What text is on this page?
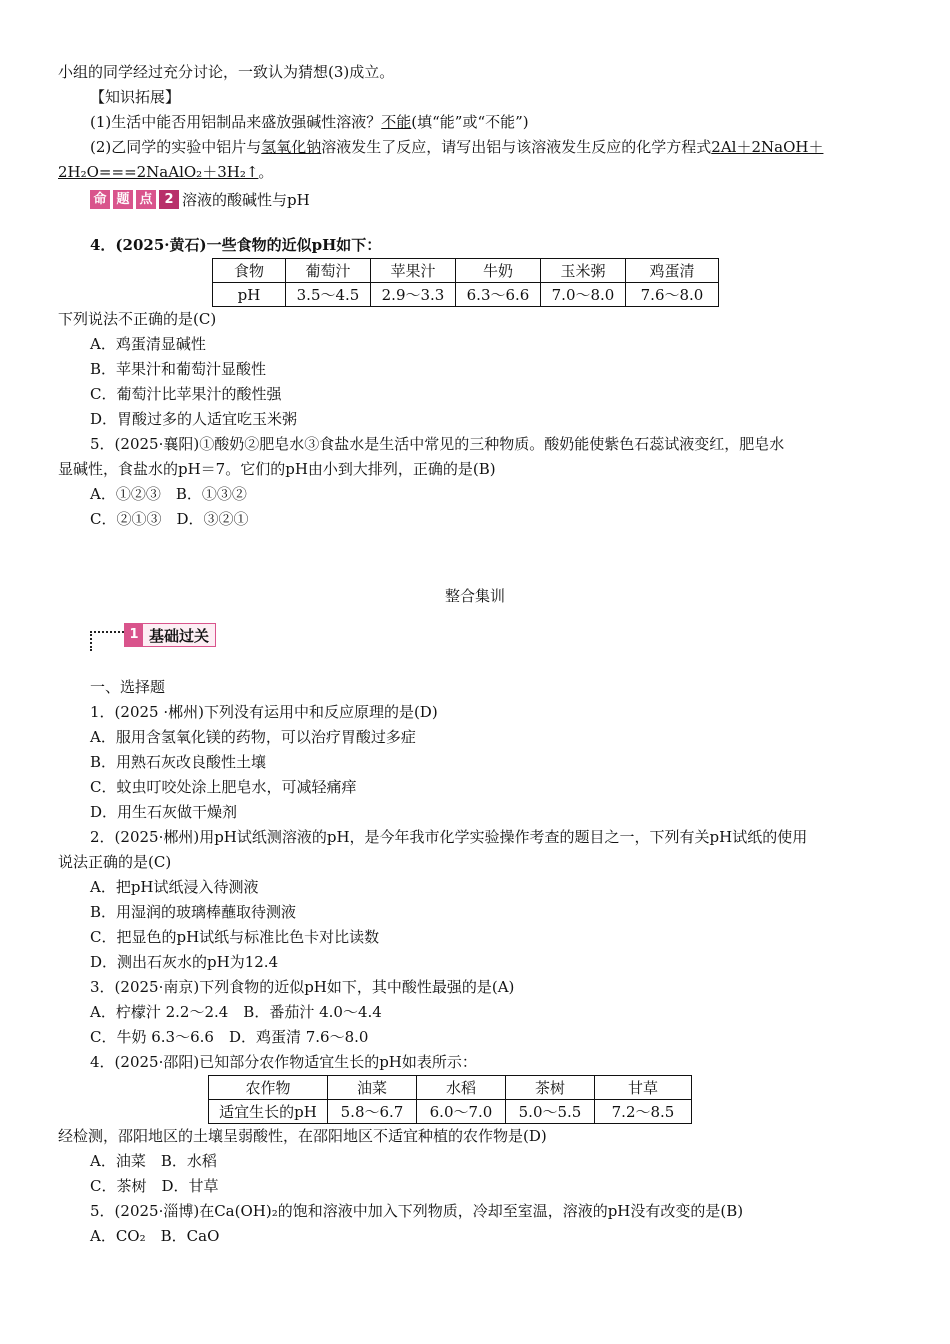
小组的同学经过充分讨论，一致认为猜想(3)成立。
【知识拓展】
(1)生活中能否用铝制品来盛放强碱性溶液？不能(填“能”或“不能”)
(2)乙同学的实验中铝片与氢氧化钠溶液发生了反应，请写出铝与该溶液发生反应的化学方程式2Al＋2NaOH＋
2H₂O===2NaAlO₂＋3H₂↑。
命 题 点 2 溶液的酸碱性与pH
4．(2025·黄石)一些食物的近似pH如下：
食物	葡萄汁	苹果汁	牛奶	玉米粥	鸡蛋清
pH	3.5～4.5	2.9～3.3	6.3～6.6	7.0～8.0	7.6～8.0
下列说法不正确的是(C)
A．鸡蛋清显碱性
B．苹果汁和葡萄汁显酸性
C．葡萄汁比苹果汁的酸性强
D．胃酸过多的人适宜吃玉米粥
5．(2025·襄阳)①酸奶②肥皂水③食盐水是生活中常见的三种物质。酸奶能使紫色石蕊试液变红，肥皂水
显碱性，食盐水的pH＝7。它们的pH由小到大排列，正确的是(B)
A．①②③　B．①③②
C．②①③　D．③②①
整合集训
1 基础过关
一、选择题
1．(2025 ·郴州)下列没有运用中和反应原理的是(D)
A．服用含氢氧化镁的药物，可以治疗胃酸过多症
B．用熟石灰改良酸性土壤
C．蚊虫叮咬处涂上肥皂水，可减轻痛痒
D．用生石灰做干燥剂
2．(2025·郴州)用pH试纸测溶液的pH，是今年我市化学实验操作考查的题目之一，下列有关pH试纸的使用
说法正确的是(C)
A．把pH试纸浸入待测液
B．用湿润的玻璃棒蘸取待测液
C．把显色的pH试纸与标准比色卡对比读数
D．测出石灰水的pH为12.4
3．(2025·南京)下列食物的近似pH如下，其中酸性最强的是(A)
A．柠檬汁 2.2～2.4　B．番茄汁 4.0～4.4
C．牛奶 6.3～6.6　D．鸡蛋清 7.6～8.0
4．(2025·邵阳)已知部分农作物适宜生长的pH如表所示：
农作物	油菜	水稻	茶树	甘草
适宜生长的pH	5.8～6.7	6.0～7.0	5.0～5.5	7.2～8.5
经检测，邵阳地区的土壤呈弱酸性，在邵阳地区不适宜种植的农作物是(D)
A．油菜　B．水稻
C．茶树　D．甘草
5．(2025·淄博)在Ca(OH)₂的饱和溶液中加入下列物质，冷却至室温，溶液的pH没有改变的是(B)
A．CO₂　B．CaO
